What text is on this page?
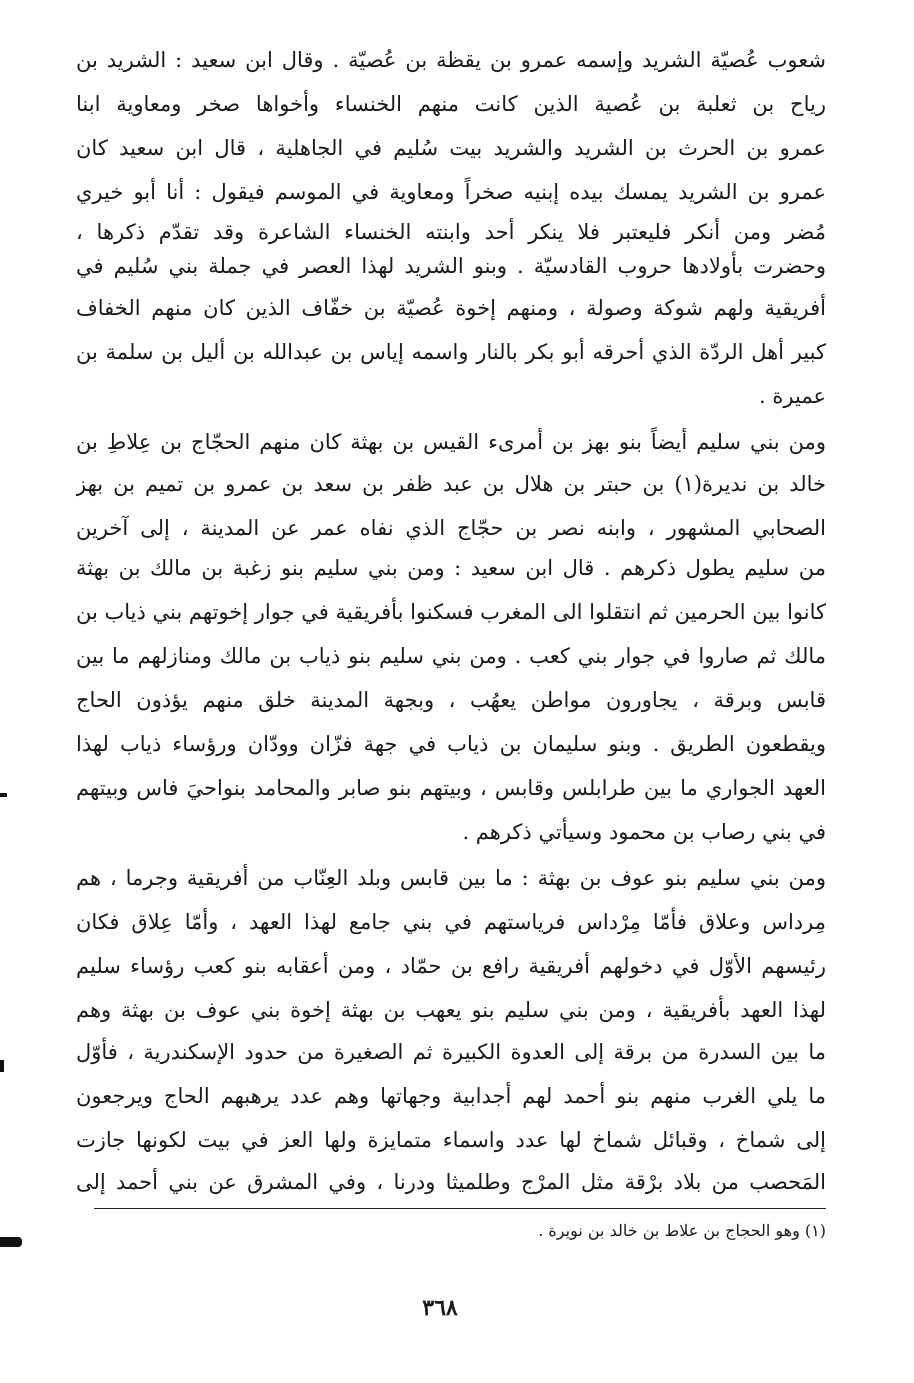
شعوب عُصيّة الشريد وإسمه عمرو بن يقظة بن عُصيّة . وقال ابن سعيد : الشريد بن
رياح بن ثعلبة بن عُصية الذين كانت منهم الخنساء وأخواها صخر ومعاوية ابنا
عمرو بن الحرث بن الشريد والشريد بيت سُليم في الجاهلية ، قال ابن سعيد كان
عمرو بن الشريد يمسك بيده إبنيه صخراً ومعاوية في الموسم فيقول : أنا أبو خيري
مُضر ومن أنكر فليعتبر فلا ينكر أحد وابنته الخنساء الشاعرة وقد تقدّم ذكرها ،
وحضرت بأولادها حروب القادسيّة . وبنو الشريد لهذا العصر في جملة بني سُليم في
أفريقية ولهم شوكة وصولة ، ومنهم إخوة عُصيّة بن خفّاف الذين كان منهم الخفاف
كبير أهل الردّة الذي أحرقه أبو بكر بالنار واسمه إياس بن عبدالله بن أليل بن سلمة بن
عميرة .
ومن بني سليم أيضاً بنو بهز بن أمرىء القيس بن بهثة كان منهم الحجّاج بن عِلاطِ بن
خالد بن نديرة(١) بن حبتر بن هلال بن عبد ظفر بن سعد بن عمرو بن تميم بن بهز
الصحابي المشهور ، وابنه نصر بن حجّاج الذي نفاه عمر عن المدينة ، إلى آخرين
من سليم يطول ذكرهم . قال ابن سعيد : ومن بني سليم بنو زغبة بن مالك بن بهثة
كانوا بين الحرمين ثم انتقلوا الى المغرب فسكنوا بأفريقية في جوار إخوتهم بني ذياب بن
مالك ثم صاروا في جوار بني كعب . ومن بني سليم بنو ذياب بن مالك ومنازلهم ما بين
قابس وبرقة ، يجاورون مواطن يعهُب ، وبجهة المدينة خلق منهم يؤذون الحاج
ويقطعون الطريق . وبنو سليمان بن ذياب في جهة فزّان وودّان ورؤساء ذياب لهذا
العهد الجواري ما بين طرابلس وقابس ، وبيتهم بنو صابر والمحامد بنواحيَ فاس وبيتهم
في بني رصاب بن محمود وسيأتي ذكرهم .
ومن بني سليم بنو عوف بن بهثة : ما بين قابس وبلد العِنّاب من أفريقية وجرما ، هم
مِرداس وعلاق فأمّا مِرْداس فرياستهم في بني جامع لهذا العهد ، وأمّا عِلاق فكان
رئيسهم الأوّل في دخولهم أفريقية رافع بن حمّاد ، ومن أعقابه بنو كعب رؤساء سليم
لهذا العهد بأفريقية ، ومن بني سليم بنو يعهب بن بهثة إخوة بني عوف بن بهثة وهم
ما بين السدرة من برقة إلى العدوة الكبيرة ثم الصغيرة من حدود الإسكندرية ، فأوّل
ما يلي الغرب منهم بنو أحمد لهم أجدابية وجهاتها وهم عدد يرهبهم الحاج ويرجعون
إلى شماخ ، وقبائل شماخ لها عدد واسماء متمايزة ولها العز في بيت لكونها جازت
المَحصب من بلاد برْقة مثل المرْج وطلميثا ودرنا ، وفي المشرق عن بني أحمد إلى
(١) وهو الحجاج بن علاط بن خالد بن نويرة .
٣٦٨
